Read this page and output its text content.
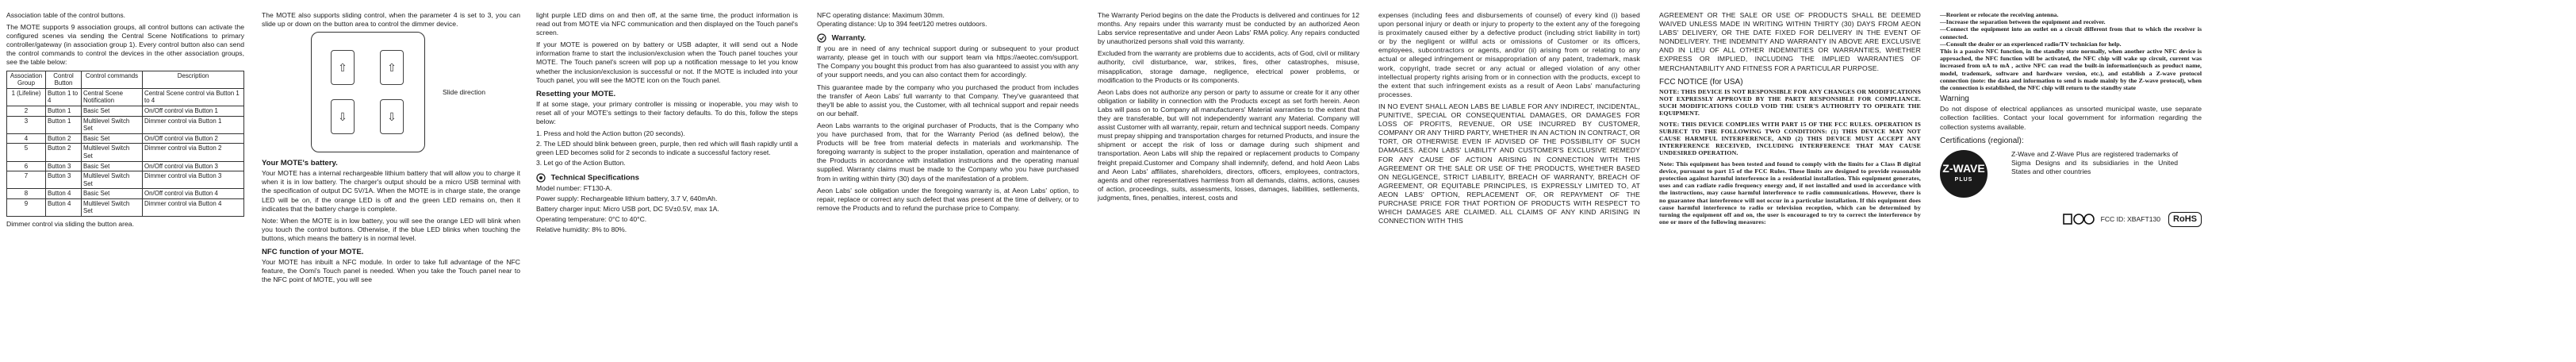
Association table of the control buttons.

The MOTE supports 9 association groups, all control buttons can activate the configured scenes via sending the Central Scene Notifications to primary controller/gateway (in association group 1). Every control button also can send the control commands to control the devices in the other association groups, see the table below:

Association Group	Control Button	Control commands	Description
1 (Lifeline)	Button 1 to 4	Central Scene Notification	Central Scene control via Button 1 to 4
2	Button 1	Basic Set	On/Off control via Button 1
3	Button 1	Multilevel Switch Set	Dimmer control via Button 1
4	Button 2	Basic Set	On/Off control via Button 2
5	Button 2	Multilevel Switch Set	Dimmer control via Button 2
6	Button 3	Basic Set	On/Off control via Button 3
7	Button 3	Multilevel Switch Set	Dimmer control via Button 3
8	Button 4	Basic Set	On/Off control via Button 4
9	Button 4	Multilevel Switch Set	Dimmer control via Button 4

Dimmer control via sliding the button area.

The MOTE also supports sliding control, when the parameter 4 is set to 3, you can slide up or down on the button area to control the dimmer device.

⇧	⇧
⇩	⇩
Slide direction
Your MOTE's battery.

Your MOTE has a internal rechargeable lithium battery that will allow you to charge it when it is in low battery. The charger's output should be a micro USB terminal with the specification of output DC 5V/1A. When the MOTE is in charge state, the orange LED will be on, if the orange LED is off and the green LED remains on, then it indicates that the battery charge is complete.

Note: When the MOTE is in low battery, you will see the orange LED will blink when you touch the control buttons. Otherwise, if the blue LED blinks when touching the buttons, which means the battery is in normal level.

NFC function of your MOTE.

Your MOTE has inbuilt a NFC module. In order to take full advantage of the NFC feature, the Oomi's Touch panel is needed. When you take the Touch panel near to the NFC point of MOTE, you will see

light purple LED dims on and then off, at the same time, the product information is read out from MOTE via NFC communication and then displayed on the Touch panel's screen.

If your MOTE is powered on by battery or USB adapter, it will send out a Node information frame to start the inclusion/exclusion when the Touch panel touches your MOTE. The Touch panel's screen will pop up a notification message to let you know whether the inclusion/exclusion is successful or not. If the MOTE is included into your Touch panel, you will see the MOTE icon on the Touch panel.

Resetting your MOTE.

If at some stage, your primary controller is missing or inoperable, you may wish to reset all of your MOTE's settings to their factory defaults. To do this, follow the steps below:

1. Press and hold the Action button (20 seconds).

2. The LED should blink between green, purple, then red which will flash rapidly until a green LED becomes solid for 2 seconds to indicate a successful factory reset.

3. Let go of the Action Button.

Technical Specifications

Model number: FT130-A.

Power supply: Rechargeable lithium battery, 3.7 V, 640mAh.

Battery charger input: Micro USB port, DC 5V±0.5V, max 1A.

Operating temperature: 0°C to 40°C.

Relative humidity: 8% to 80%.

NFC operating distance: Maximum 30mm.

Operating distance: Up to 394 feet/120 metres outdoors.

Warranty.

If you are in need of any technical support during or subsequent to your product warranty, please get in touch with our support team via https://aeotec.com/support. The Company you bought this product from has also guaranteed to assist you with any of your support needs, and you can also contact them for accordingly.

This guarantee made by the company who you purchased the product from includes the transfer of Aeon Labs' full warranty to that Company. They've guaranteed that they'll be able to assist you, the Customer, with all technical support and repair needs on our behalf.

Aeon Labs warrants to the original purchaser of Products, that is the Company who you have purchased from, that for the Warranty Period (as defined below), the Products will be free from material defects in materials and workmanship. The foregoing warranty is subject to the proper installation, operation and maintenance of the Products in accordance with installation instructions and the operating manual supplied. Warranty claims must be made to the Company who you have purchased from in writing within thirty (30) days of the manifestation of a problem.

Aeon Labs' sole obligation under the foregoing warranty is, at Aeon Labs' option, to repair, replace or correct any such defect that was present at the time of delivery, or to remove the Products and to refund the purchase price to Company.

The Warranty Period begins on the date the Products is delivered and continues for 12 months. Any repairs under this warranty must be conducted by an authorized Aeon Labs service representative and under Aeon Labs' RMA policy. Any repairs conducted by unauthorized persons shall void this warranty.

Excluded from the warranty are problems due to accidents, acts of God, civil or military authority, civil disturbance, war, strikes, fires, other catastrophes, misuse, misapplication, storage damage, negligence, electrical power problems, or modification to the Products or its components.

Aeon Labs does not authorize any person or party to assume or create for it any other obligation or liability in connection with the Products except as set forth herein. Aeon Labs will pass on to Company all manufacturers' Material warranties to the extent that they are transferable, but will not independently warrant any Material. Company will assist Customer with all warranty, repair, return and technical support needs. Company must prepay shipping and transportation charges for returned Products, and insure the shipment or accept the risk of loss or damage during such shipment and transportation. Aeon Labs will ship the repaired or replacement products to Company freight prepaid.Customer and Company shall indemnify, defend, and hold Aeon Labs and Aeon Labs' affiliates, shareholders, directors, officers, employees, contractors, agents and other representatives harmless from all demands, claims, actions, causes of action, proceedings, suits, assessments, losses, damages, liabilities, settlements, judgments, fines, penalties, interest, costs and

expenses (including fees and disbursements of counsel) of every kind (i) based upon personal injury or death or injury to property to the extent any of the foregoing is proximately caused either by a defective product (including strict liability in tort) or by the negligent or willful acts or omissions of Customer or its officers, employees, subcontractors or agents, and/or (ii) arising from or relating to any actual or alleged infringement or misappropriation of any patent, trademark, mask work, copyright, trade secret or any actual or alleged violation of any other intellectual property rights arising from or in connection with the products, except to the extent that such infringement exists as a result of Aeon Labs' manufacturing processes.

IN NO EVENT SHALL AEON LABS BE LIABLE FOR ANY INDIRECT, INCIDENTAL, PUNITIVE, SPECIAL OR CONSEQUENTIAL DAMAGES, OR DAMAGES FOR LOSS OF PROFITS, REVENUE, OR USE INCURRED BY CUSTOMER, COMPANY OR ANY THIRD PARTY, WHETHER IN AN ACTION IN CONTRACT, OR TORT, OR OTHERWISE EVEN IF ADVISED OF THE POSSIBILITY OF SUCH DAMAGES. AEON LABS' LIABILITY AND CUSTOMER'S EXCLUSIVE REMEDY FOR ANY CAUSE OF ACTION ARISING IN CONNECTION WITH THIS AGREEMENT OR THE SALE OR USE OF THE PRODUCTS, WHETHER BASED ON NEGLIGENCE, STRICT LIABILITY, BREACH OF WARRANTY, BREACH OF AGREEMENT, OR EQUITABLE PRINCIPLES, IS EXPRESSLY LIMITED TO, AT AEON LABS' OPTION, REPLACEMENT OF, OR REPAYMENT OF THE PURCHASE PRICE FOR THAT PORTION OF PRODUCTS WITH RESPECT TO WHICH DAMAGES ARE CLAIMED. ALL CLAIMS OF ANY KIND ARISING IN CONNECTION WITH THIS

AGREEMENT OR THE SALE OR USE OF PRODUCTS SHALL BE DEEMED WAIVED UNLESS MADE IN WRITING WITHIN THIRTY (30) DAYS FROM AEON LABS' DELIVERY, OR THE DATE FIXED FOR DELIVERY IN THE EVENT OF NONDELIVERY. THE INDEMNITY AND WARRANTY IN ABOVE ARE EXCLUSIVE AND IN LIEU OF ALL OTHER INDEMNITIES OR WARRANTIES, WHETHER EXPRESS OR IMPLIED, INCLUDING THE IMPLIED WARRANTIES OF MERCHANTABILITY AND FITNESS FOR A PARTICULAR PURPOSE.

FCC NOTICE (for USA)

NOTE: THIS DEVICE IS NOT RESPONSIBLE FOR ANY CHANGES OR MODIFICATIONS NOT EXPRESSLY APPROVED BY THE PARTY RESPONSIBLE FOR COMPLIANCE. SUCH MODIFICATIONS COULD VOID THE USER'S AUTHORITY TO OPERATE THE EQUIPMENT.

NOTE: THIS DEVICE COMPLIES WITH PART 15 OF THE FCC RULES. OPERATION IS SUBJECT TO THE FOLLOWING TWO CONDITIONS: (1) THIS DEVICE MAY NOT CAUSE HARMFUL INTERFERENCE, AND (2) THIS DEVICE MUST ACCEPT ANY INTERFERENCE RECEIVED, INCLUDING INTERFERENCE THAT MAY CAUSE UNDESIRED OPERATION.

Note: This equipment has been tested and found to comply with the limits for a Class B digital device, pursuant to part 15 of the FCC Rules. These limits are designed to provide reasonable protection against harmful interference in a residential installation. This equipment generates, uses and can radiate radio frequency energy and, if not installed and used in accordance with the instructions, may cause harmful interference to radio communications. However, there is no guarantee that interference will not occur in a particular installation. If this equipment does cause harmful interference to radio or television reception, which can be determined by turning the equipment off and on, the user is encouraged to try to correct the interference by one or more of the following measures:

—Reorient or relocate the receiving antenna.

—Increase the separation between the equipment and receiver.

—Connect the equipment into an outlet on a circuit different from that to which the receiver is connected.

—Consult the dealer or an experienced radio/TV technician for help.

This is a passive NFC function, in the standby state normally, when another active NFC device is approached, the NFC function will be activated, the NFC chip will wake up circuit, current was increased from uA to mA , active NFC can read the built-in information(such as product name, model, trademark, software and hardware version, etc.), and establish a Z-wave protocol connection (note: the data and information to send is made mainly by the Z-wave protocol), when the connection is established, the NFC chip will return to the standby state

Warning

Do not dispose of electrical appliances as unsorted municipal waste, use separate collection facilities. Contact your local government for information regarding the collection systems available.

Certifications (regional):
Z-WAVE
PLUS

Z-Wave and Z-Wave Plus are registered trademarks of Sigma Designs and its subsidiaries in the United States and other countries

FCC ID: XBAFT130	RoHS
